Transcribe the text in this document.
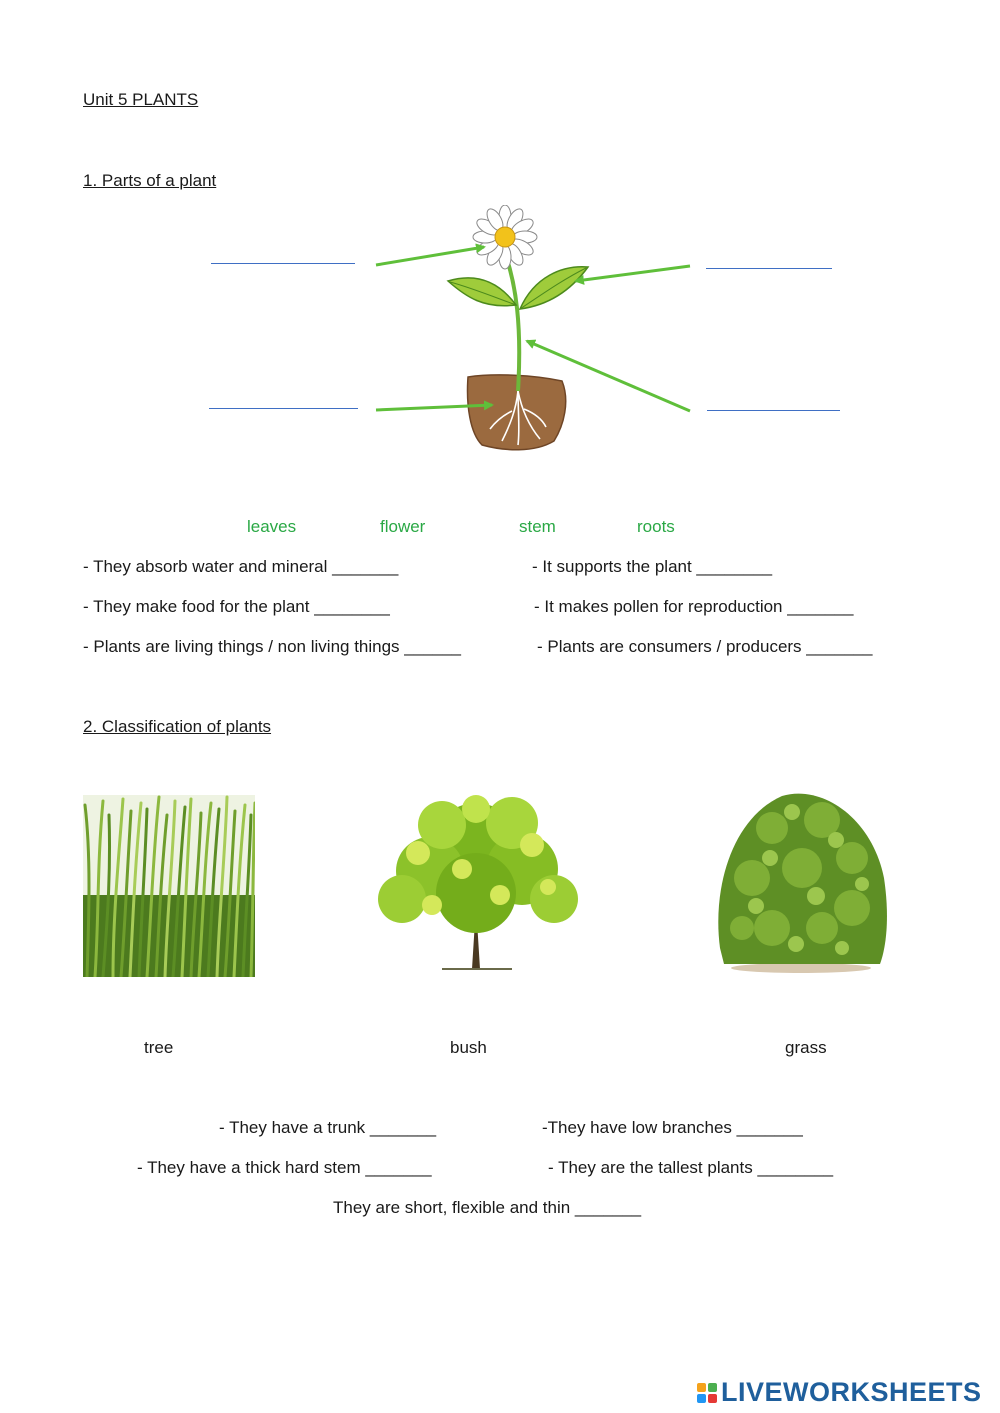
Unit 5 PLANTS
1. Parts of a plant
leaves	flower	stem	roots
- They absorb water and mineral _______	- It supports the plant ________
- They make food for the plant ________	- It makes pollen for reproduction _______
- Plants are living things / non living things ______	- Plants are consumers / producers _______
2. Classification of plants
tree	bush	grass
- They have a trunk _______	-They have low branches _______
- They have a thick hard stem _______	- They are the tallest plants ________
They are short, flexible and thin _______
LIVEWORKSHEETS
